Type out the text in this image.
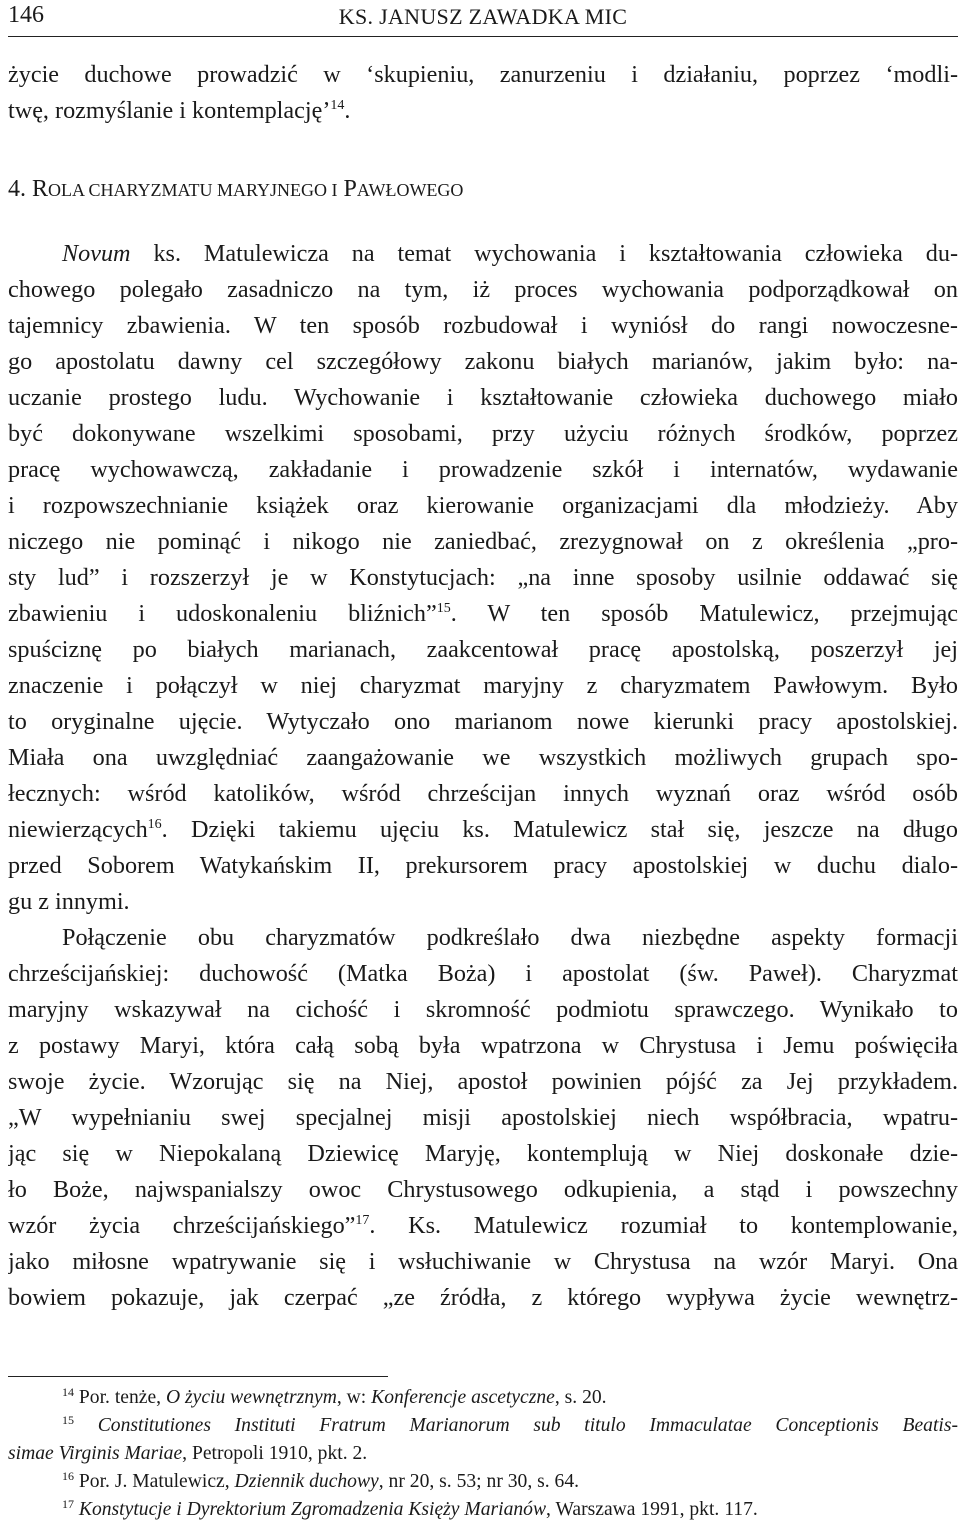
146	KS. JANUSZ ZAWADKA MIC
życie duchowe prowadzić w ‘skupieniu, zanurzeniu i działaniu, poprzez ‘modli-
twę, rozmyślanie i kontemplację’$^{14}$.
4. ROLA CHARYZMATU MARYJNEGO I PAWŁOWEGO
Novum ks. Matulewicza na temat wychowania i kształtowania człowieka du-
chowego polegało zasadniczo na tym, iż proces wychowania podporządkował on
tajemnicy zbawienia. W ten sposób rozbudował i wyniósł do rangi nowoczesne-
go apostolatu dawny cel szczegółowy zakonu białych marianów, jakim było: na-
uczanie prostego ludu. Wychowanie i kształtowanie człowieka duchowego miało
być dokonywane wszelkimi sposobami, przy użyciu różnych środków, poprzez
pracę wychowawczą, zakładanie i prowadzenie szkół i internatów, wydawanie
i rozpowszechnianie książek oraz kierowanie organizacjami dla młodzieży. Aby
niczego nie pominąć i nikogo nie zaniedbać, zrezygnował on z określenia „pro-
sty lud” i rozszerzył je w Konstytucjach: „na inne sposoby usilnie oddawać się
zbawieniu i udoskonaleniu bliźnich”$^{15}$. W ten sposób Matulewicz, przejmując
spuściznę po białych marianach, zaakcentował pracę apostolską, poszerzył jej
znaczenie i połączył w niej charyzmat maryjny z charyzmatem Pawłowym. Było
to oryginalne ujęcie. Wytyczało ono marianom nowe kierunki pracy apostolskiej.
Miała ona uwzględniać zaangażowanie we wszystkich możliwych grupach spo-
łecznych: wśród katolików, wśród chrześcijan innych wyznań oraz wśród osób
niewierzących$^{16}$. Dzięki takiemu ujęciu ks. Matulewicz stał się, jeszcze na długo
przed Soborem Watykańskim II, prekursorem pracy apostolskiej w duchu dialo-
gu z innymi.
Połączenie obu charyzmatów podkreślało dwa niezbędne aspekty formacji
chrześcijańskiej: duchowość (Matka Boża) i apostolat (św. Paweł). Charyzmat
maryjny wskazywał na cichość i skromność podmiotu sprawczego. Wynikało to
z postawy Maryi, która całą sobą była wpatrzona w Chrystusa i Jemu poświęciła
swoje życie. Wzorując się na Niej, apostoł powinien pójść za Jej przykładem.
„W wypełnianiu swej specjalnej misji apostolskiej niech współbracia, wpatru-
jąc się w Niepokalaną Dziewicę Maryję, kontemplują w Niej doskonałe dzie-
ło Boże, najwspanialszy owoc Chrystusowego odkupienia, a stąd i powszechny
wzór życia chrześcijańskiego”$^{17}$. Ks. Matulewicz rozumiał to kontemplowanie,
jako miłosne wpatrywanie się i wsłuchiwanie w Chrystusa na wzór Maryi. Ona
bowiem pokazuje, jak czerpać „ze źródła, z którego wypływa życie wewnętrz-
$^{14}$ Por. tenże, O życiu wewnętrznym, w: Konferencje ascetyczne, s. 20.
$^{15}$ Constitutiones Instituti Fratrum Marianorum sub titulo Immaculatae Conceptionis Beatis-
simae Virginis Mariae, Petropoli 1910, pkt. 2.
$^{16}$ Por. J. Matulewicz, Dziennik duchowy, nr 20, s. 53; nr 30, s. 64.
$^{17}$ Konstytucje i Dyrektorium Zgromadzenia Księży Marianów, Warszawa 1991, pkt. 117.
